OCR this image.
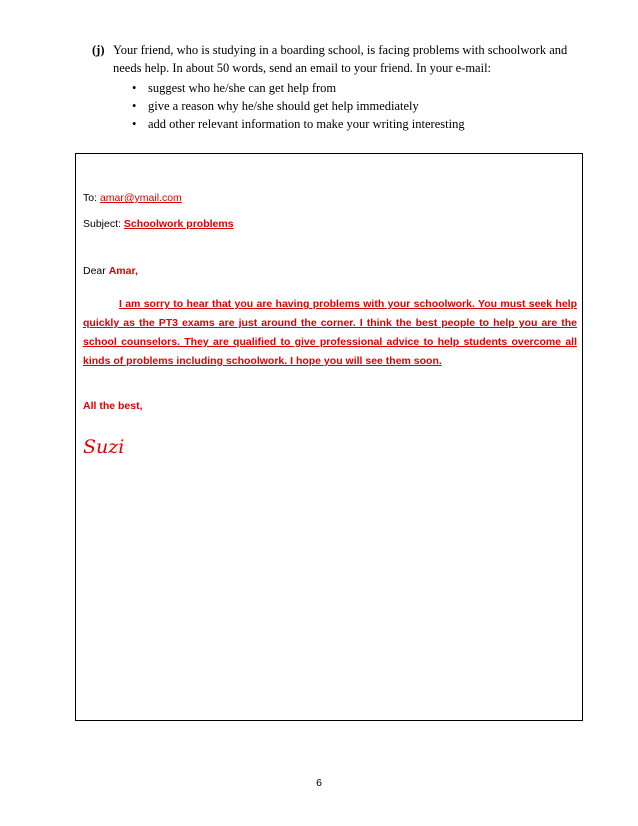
(j) Your friend, who is studying in a boarding school, is facing problems with schoolwork and needs help. In about 50 words, send an email to your friend. In your e-mail:
• suggest who he/she can get help from
• give a reason why he/she should get help immediately
• add other relevant information to make your writing interesting
To: amar@ymail.com
Subject: Schoolwork problems
Dear Amar,
I am sorry to hear that you are having problems with your schoolwork. You must seek help quickly as the PT3 exams are just around the corner. I think the best people to help you are the school counselors. They are qualified to give professional advice to help students overcome all kinds of problems including schoolwork. I hope you will see them soon.
All the best,
Suzi
6
